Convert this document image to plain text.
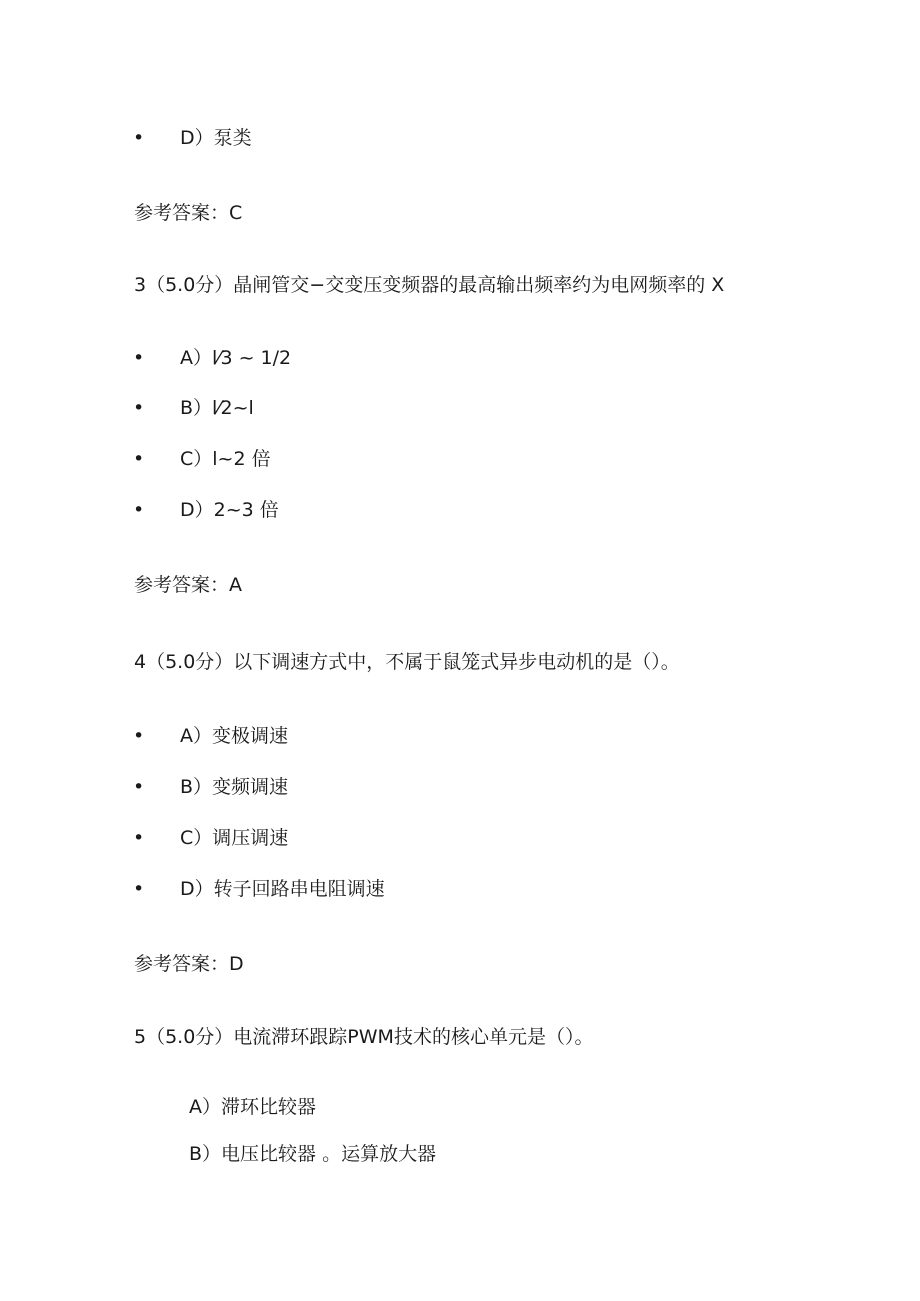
• D）泵类
参考答案：C
3（5.0分）晶闸管交−交变压变频器的最高输出频率约为电网频率的 X
• A）l⁄3 ~ 1/2
• B）l⁄2~l
• C）l~2 倍
• D）2~3 倍
参考答案：A
4（5.0分）以下调速方式中，不属于鼠笼式异步电动机的是（）。
• A）变极调速
• B）变频调速
• C）调压调速
• D）转子回路串电阻调速
参考答案：D
5（5.0分）电流滞环跟踪PWM技术的核心单元是（）。
A）滞环比较器
B）电压比较器 。运算放大器
